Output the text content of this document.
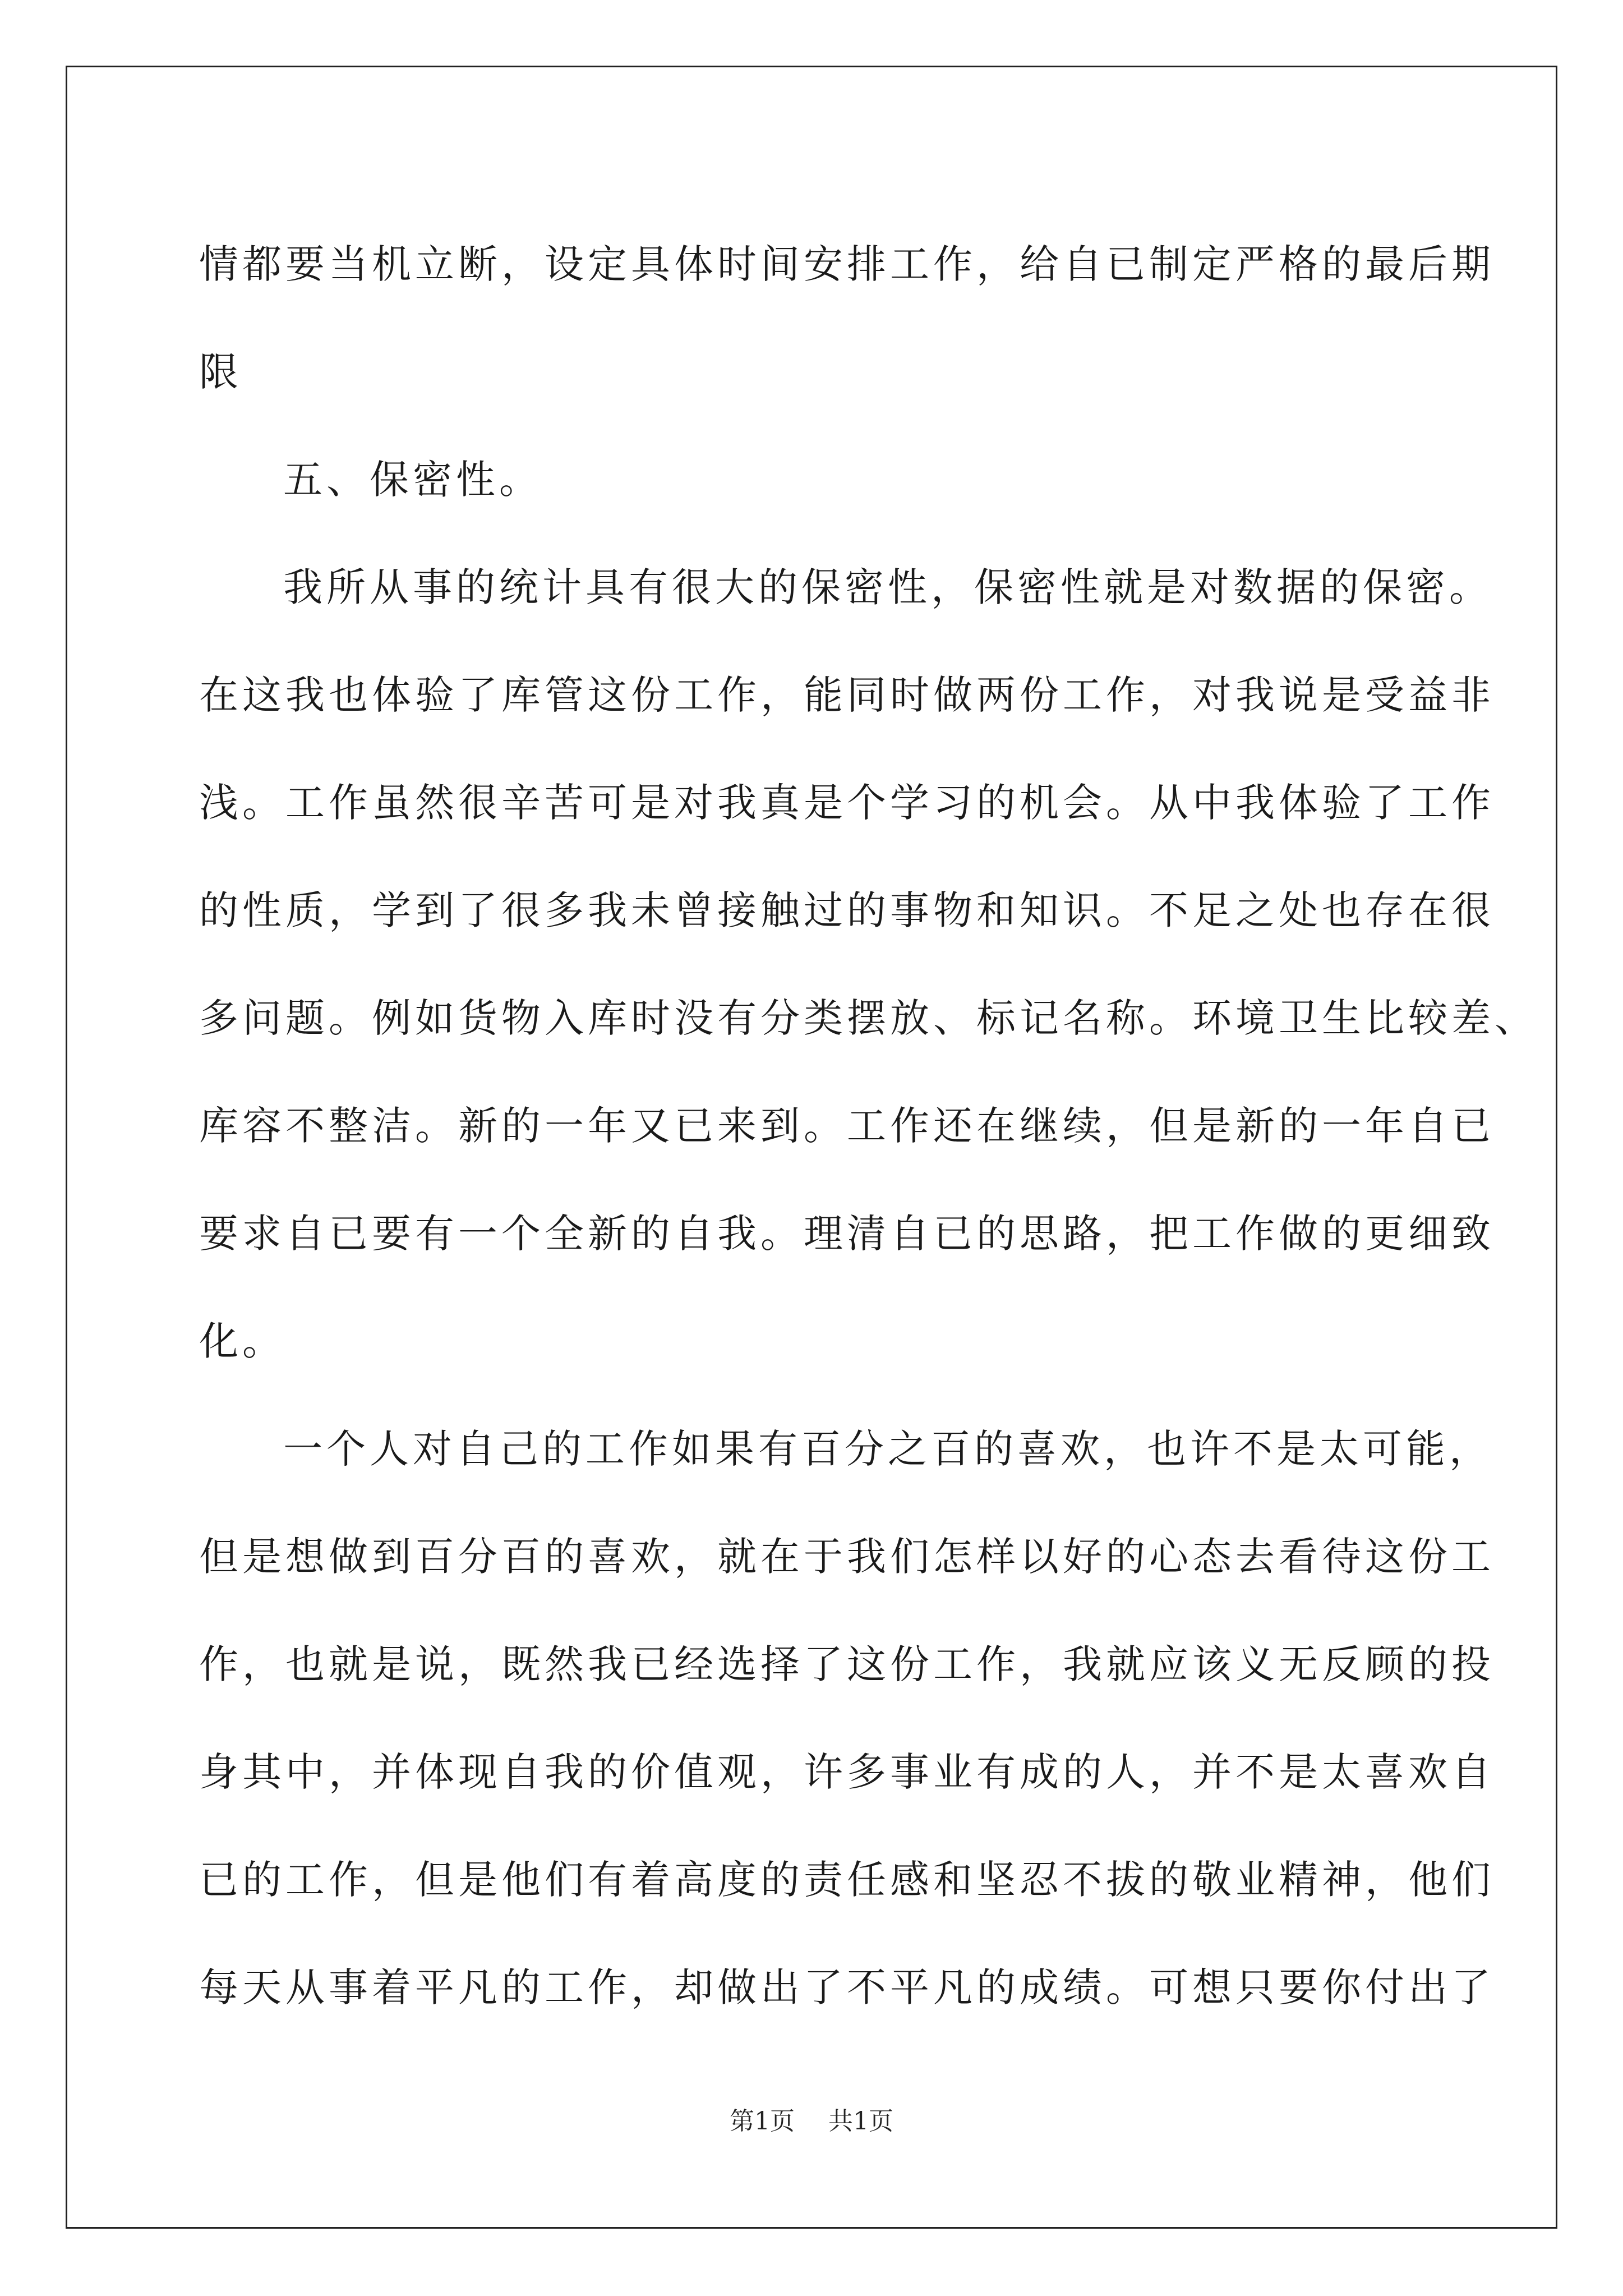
情都要当机立断，设定具体时间安排工作，给自已制定严格的最后期
限
五、保密性。
我所从事的统计具有很大的保密性，保密性就是对数据的保密。
在这我也体验了库管这份工作，能同时做两份工作，对我说是受益非
浅。工作虽然很辛苦可是对我真是个学习的机会。从中我体验了工作
的性质，学到了很多我未曾接触过的事物和知识。不足之处也存在很
多问题。例如货物入库时没有分类摆放、标记名称。环境卫生比较差、
库容不整洁。新的一年又已来到。工作还在继续，但是新的一年自已
要求自已要有一个全新的自我。理清自已的思路，把工作做的更细致
化。
一个人对自己的工作如果有百分之百的喜欢，也许不是太可能，
但是想做到百分百的喜欢，就在于我们怎样以好的心态去看待这份工
作，也就是说，既然我已经选择了这份工作，我就应该义无反顾的投
身其中，并体现自我的价值观，许多事业有成的人，并不是太喜欢自
已的工作，但是他们有着高度的责任感和坚忍不拔的敬业精神，他们
每天从事着平凡的工作，却做出了不平凡的成绩。可想只要你付出了
第1页 共1页
